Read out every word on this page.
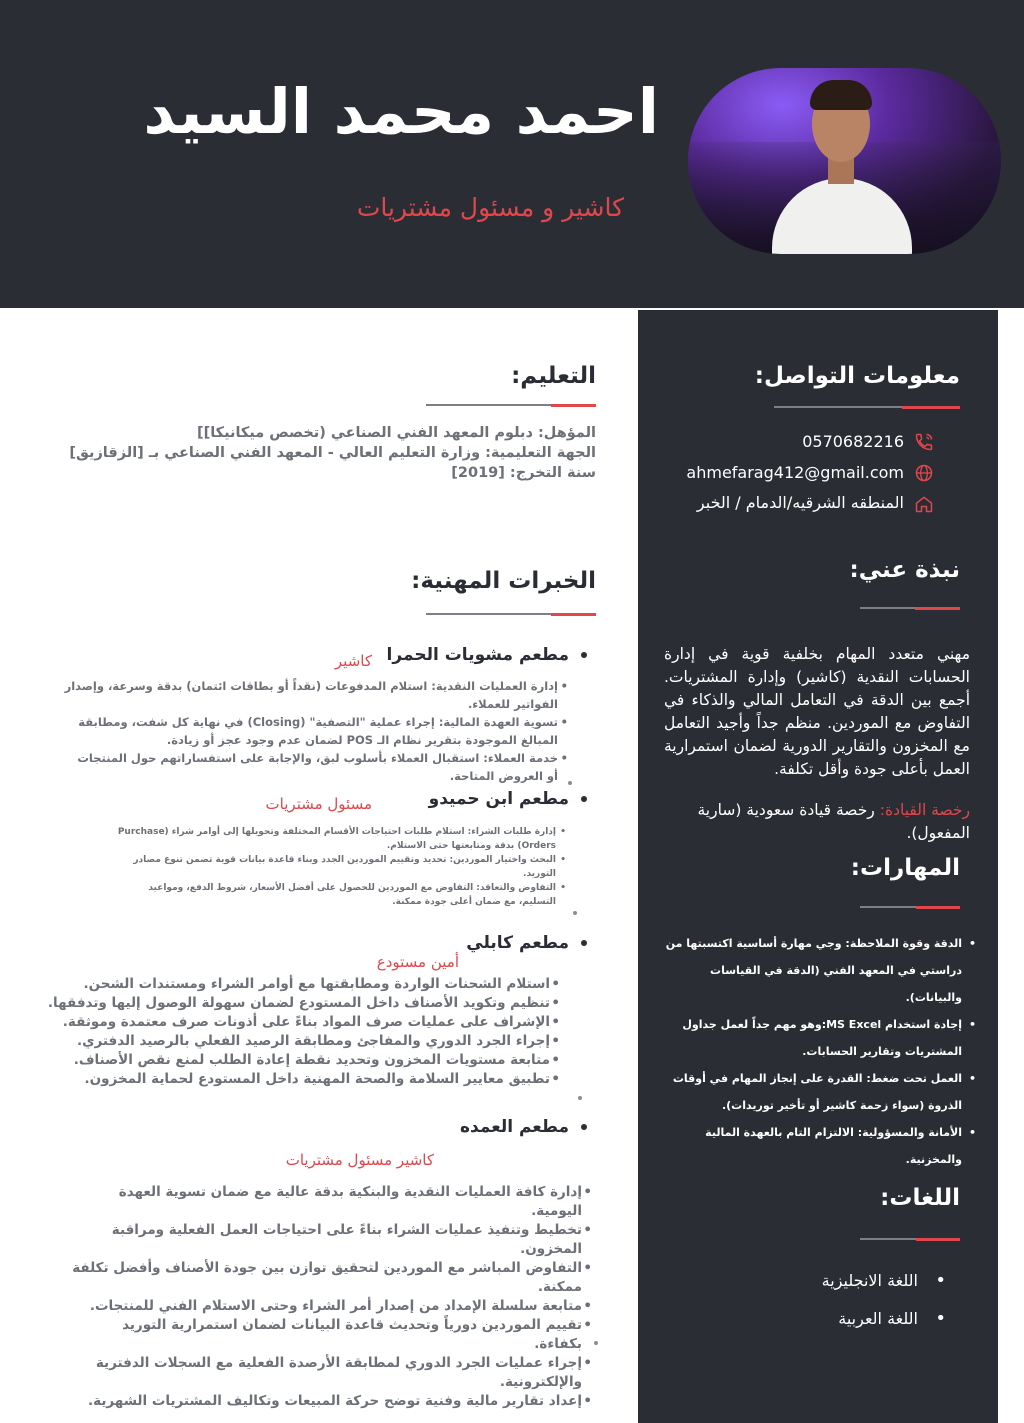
احمد محمد السيد
كاشير و مسئول مشتريات
معلومات التواصل:
0570682216
ahmefarag412@gmail.com
المنطقه الشرقيه/الدمام / الخبر
نبذة عني:
مهني متعدد المهام بخلفية قوية في إدارة الحسابات النقدية (كاشير) وإدارة المشتريات. أجمع بين الدقة في التعامل المالي والذكاء في التفاوض مع الموردين. منظم جداً وأجيد التعامل مع المخزون والتقارير الدورية لضمان استمرارية العمل بأعلى جودة وأقل تكلفة.
رخصة القيادة: رخصة قيادة سعودية (سارية المفعول).
المهارات:
• الدقة وقوة الملاحظة: وجي مهارة أساسية اكتسبتها من دراستي في المعهد الفني (الدقة في القياسات والبيانات).
• إجادة استخدام MS Excel:وهو مهم جداً لعمل جداول المشتريات وتقارير الحسابات.
• العمل تحت ضغط: القدرة على إنجاز المهام في أوقات الذروة (سواء زحمة كاشير أو تأخير توريدات).
• الأمانة والمسؤولية: الالتزام التام بالعهدة المالية والمخزنية.
اللغات:
• اللغة الانجليزية
• اللغة العربية
التعليم:
المؤهل: دبلوم المعهد الفني الصناعي (تخصص ميكانيكا]]
الجهة التعليمية: وزارة التعليم العالي - المعهد الفني الصناعي بـ [الزقازيق]
سنة التخرج: [2019]
الخبرات المهنية:
مطعم مشويات الحمرا
كاشير
• إدارة العمليات النقدية: استلام المدفوعات (نقداً أو بطاقات ائتمان) بدقة وسرعة، وإصدار الفواتير للعملاء.
• تسوية العهدة المالية: إجراء عملية "التصفية" (Closing) في نهاية كل شفت، ومطابقة المبالغ الموجودة بتقرير نظام الـ POS لضمان عدم وجود عجز أو زيادة.
• خدمة العملاء: استقبال العملاء بأسلوب لبق، والإجابة على استفساراتهم حول المنتجات أو العروض المتاحة.
مطعم ابن حميدو
مسئول مشتريات
• إدارة طلبات الشراء: استلام طلبات احتياجات الأقسام المختلفة وتحويلها إلى أوامر شراء (Purchase Orders) بدقة ومتابعتها حتى الاستلام.
• البحث واختيار الموردين: تحديد وتقييم الموردين الجدد وبناء قاعدة بيانات قوية تضمن تنوع مصادر التوريد.
• التفاوض والتعاقد: التفاوض مع الموردين للحصول على أفضل الأسعار، شروط الدفع، ومواعيد التسليم، مع ضمان أعلى جودة ممكنة.
مطعم كابلي
أمين مستودع
• استلام الشحنات الواردة ومطابقتها مع أوامر الشراء ومستندات الشحن.
• تنظيم وتكويد الأصناف داخل المستودع لضمان سهولة الوصول إليها وتدفقها.
• الإشراف على عمليات صرف المواد بناءً على أذونات صرف معتمدة وموثقة.
• إجراء الجرد الدوري والمفاجئ ومطابقة الرصيد الفعلي بالرصيد الدفتري.
• متابعة مستويات المخزون وتحديد نقطة إعادة الطلب لمنع نقص الأصناف.
• تطبيق معايير السلامة والصحة المهنية داخل المستودع لحماية المخزون.
مطعم العمده
كاشير مسئول مشتريات
• إدارة كافة العمليات النقدية والبنكية بدقة عالية مع ضمان تسوية العهدة اليومية.
• تخطيط وتنفيذ عمليات الشراء بناءً على احتياجات العمل الفعلية ومراقبة المخزون.
• التفاوض المباشر مع الموردين لتحقيق توازن بين جودة الأصناف وأفضل تكلفة ممكنة.
• متابعة سلسلة الإمداد من إصدار أمر الشراء وحتى الاستلام الفني للمنتجات.
• تقييم الموردين دورياً وتحديث قاعدة البيانات لضمان استمرارية التوريد بكفاءة.
• إجراء عمليات الجرد الدوري لمطابقة الأرصدة الفعلية مع السجلات الدفترية والإلكترونية.
• إعداد تقارير مالية وفنية توضح حركة المبيعات وتكاليف المشتريات الشهرية.
